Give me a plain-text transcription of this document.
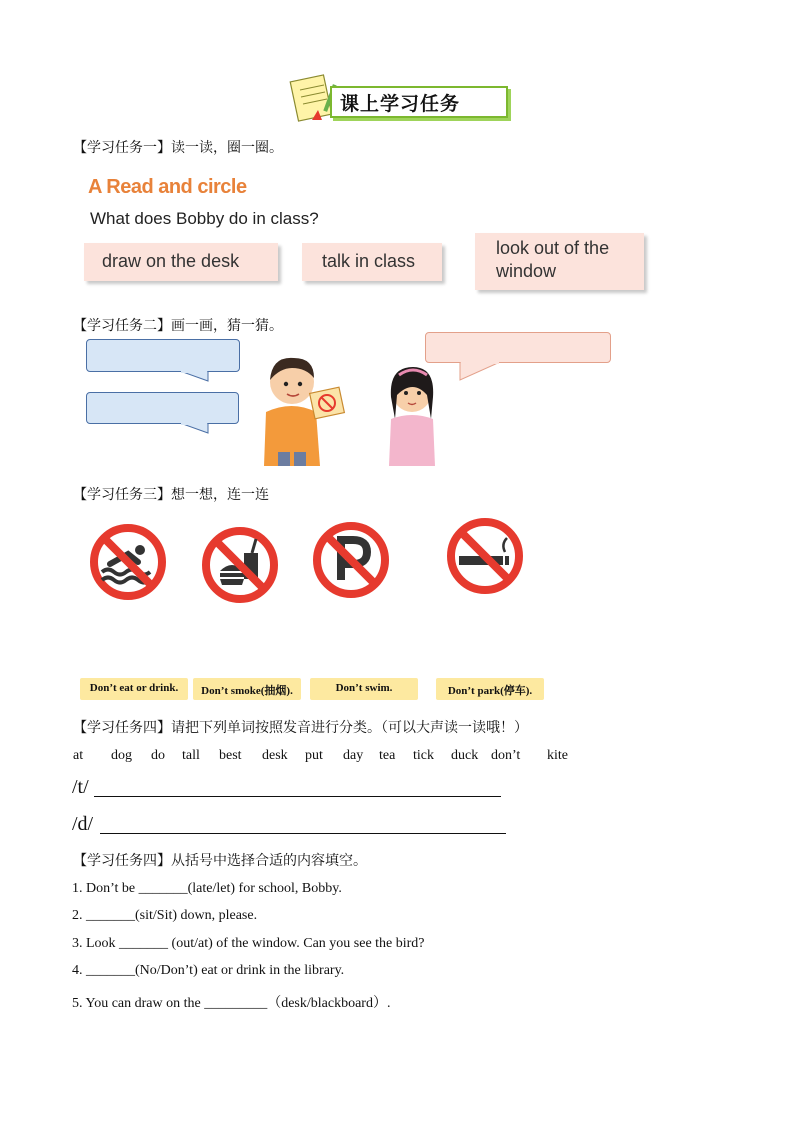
课上学习任务
【学习任务一】读一读，圈一圈。
A Read and circle
What does Bobby do in class?
draw on the desk	talk in class
look out of the window
【学习任务二】画一画，猜一猜。
【学习任务三】想一想，连一连
Don’t eat or drink.	Don’t smoke(抽烟).	Don’t swim.	Don’t park(停车).
【学习任务四】请把下列单词按照发音进行分类。（可以大声读一读哦！）
at	dog	do	tall	best	desk	put	day	tea	tick	duck don’t	kite
/t/
/d/
【学习任务四】从括号中选择合适的内容填空。
1. Don’t be _______(late/let) for school, Bobby.
2. _______(sit/Sit) down, please.
3. Look _______ (out/at) of the window. Can you see the bird?
4. _______(No/Don’t) eat or drink in the library.
5. You can draw on the _________（desk/blackboard）.
